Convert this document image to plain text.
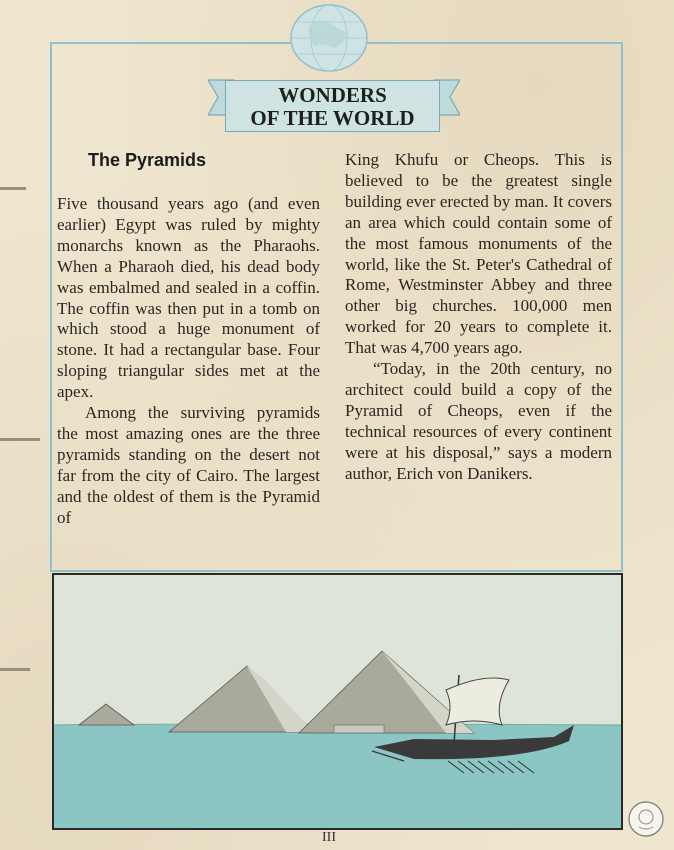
WONDERS
OF THE WORLD
The Pyramids

Five thousand years ago (and even earlier) Egypt was ruled by mighty monarchs known as the Pharaohs. When a Pharaoh died, his dead body was embalmed and sealed in a coffin. The coffin was then put in a tomb on which stood a huge monument of stone. It had a rectangular base. Four sloping triangular sides met at the apex.

Among the surviving pyramids the most amazing ones are the three pyramids standing on the desert not far from the city of Cairo. The largest and the oldest of them is the Pyramid of

King Khufu or Cheops. This is believed to be the greatest single building ever erected by man. It covers an area which could contain some of the most famous monuments of the world, like the St. Peter's Cathedral of Rome, Westminster Abbey and three other big churches. 100,000 men worked for 20 years to complete it. That was 4,700 years ago.

“Today, in the 20th century, no architect could build a copy of the Pyramid of Cheops, even if the technical resources of every continent were at his disposal,” says a modern author, Erich von Danikers.

III
